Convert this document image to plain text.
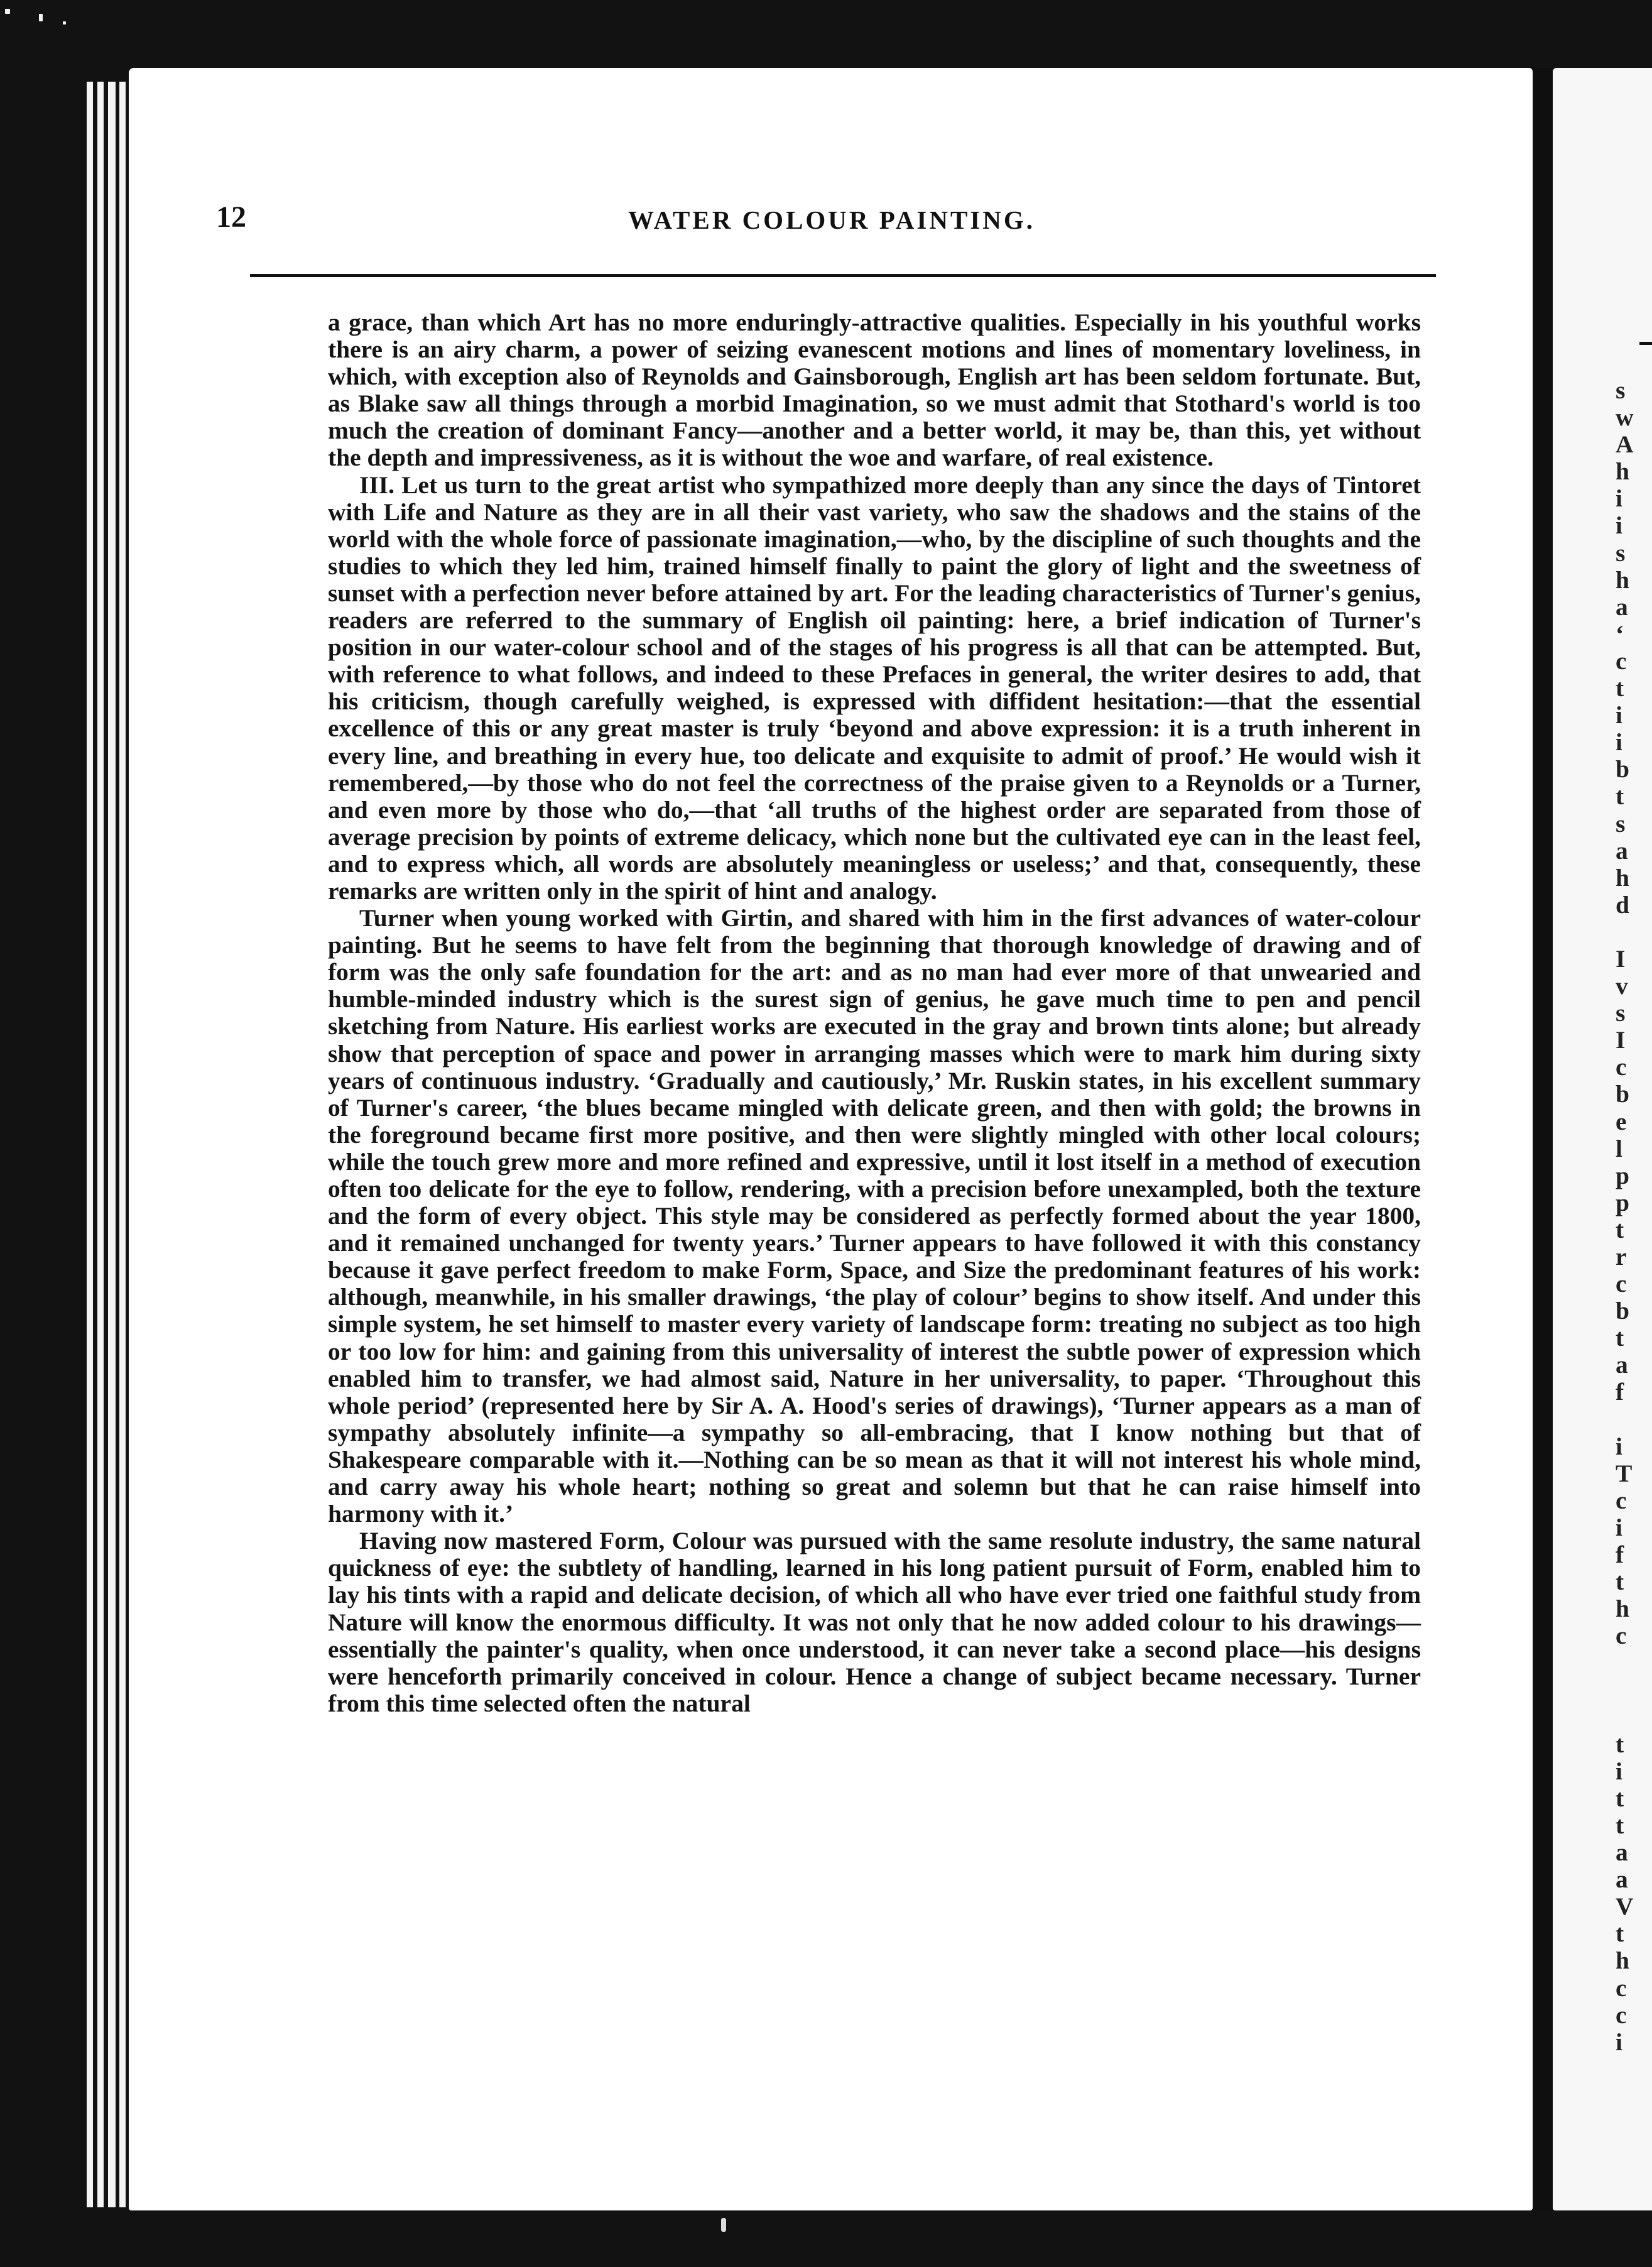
12	WATER COLOUR PAINTING.

a grace, than which Art has no more enduringly-attractive qualities. Especially in his youthful works there is an airy charm, a power of seizing evanescent motions and lines of momentary loveliness, in which, with exception also of Reynolds and Gainsborough, English art has been seldom fortunate. But, as Blake saw all things through a morbid Imagination, so we must admit that Stothard's world is too much the creation of dominant Fancy—another and a better world, it may be, than this, yet without the depth and impressiveness, as it is without the woe and warfare, of real existence.

III. Let us turn to the great artist who sympathized more deeply than any since the days of Tintoret with Life and Nature as they are in all their vast variety, who saw the shadows and the stains of the world with the whole force of passionate imagination,—who, by the discipline of such thoughts and the studies to which they led him, trained himself finally to paint the glory of light and the sweetness of sunset with a perfection never before attained by art. For the leading characteristics of Turner's genius, readers are referred to the summary of English oil painting: here, a brief indication of Turner's position in our water-colour school and of the stages of his progress is all that can be attempted. But, with reference to what follows, and indeed to these Prefaces in general, the writer desires to add, that his criticism, though carefully weighed, is expressed with diffident hesitation:—that the essential excellence of this or any great master is truly ‘beyond and above expression: it is a truth inherent in every line, and breathing in every hue, too delicate and exquisite to admit of proof.’ He would wish it remembered,—by those who do not feel the correctness of the praise given to a Reynolds or a Turner, and even more by those who do,—that ‘all truths of the highest order are separated from those of average precision by points of extreme delicacy, which none but the cultivated eye can in the least feel, and to express which, all words are absolutely meaningless or useless;’ and that, consequently, these remarks are written only in the spirit of hint and analogy.

Turner when young worked with Girtin, and shared with him in the first advances of water-colour painting. But he seems to have felt from the beginning that thorough knowledge of drawing and of form was the only safe foundation for the art: and as no man had ever more of that unwearied and humble-minded industry which is the surest sign of genius, he gave much time to pen and pencil sketching from Nature. His earliest works are executed in the gray and brown tints alone; but already show that perception of space and power in arranging masses which were to mark him during sixty years of continuous industry. ‘Gradually and cautiously,’ Mr. Ruskin states, in his excellent summary of Turner's career, ‘the blues became mingled with delicate green, and then with gold; the browns in the foreground became first more positive, and then were slightly mingled with other local colours; while the touch grew more and more refined and expressive, until it lost itself in a method of execution often too delicate for the eye to follow, rendering, with a precision before unexampled, both the texture and the form of every object. This style may be considered as perfectly formed about the year 1800, and it remained unchanged for twenty years.’ Turner appears to have followed it with this constancy because it gave perfect freedom to make Form, Space, and Size the predominant features of his work: although, meanwhile, in his smaller drawings, ‘the play of colour’ begins to show itself. And under this simple system, he set himself to master every variety of landscape form: treating no subject as too high or too low for him: and gaining from this universality of interest the subtle power of expression which enabled him to transfer, we had almost said, Nature in her universality, to paper. ‘Throughout this whole period’ (represented here by Sir A. A. Hood's series of drawings), ‘Turner appears as a man of sympathy absolutely infinite—a sympathy so all-embracing, that I know nothing but that of Shakespeare comparable with it.—Nothing can be so mean as that it will not interest his whole mind, and carry away his whole heart; nothing so great and solemn but that he can raise himself into harmony with it.’

Having now mastered Form, Colour was pursued with the same resolute industry, the same natural quickness of eye: the subtlety of handling, learned in his long patient pursuit of Form, enabled him to lay his tints with a rapid and delicate decision, of which all who have ever tried one faithful study from Nature will know the enormous difficulty. It was not only that he now added colour to his drawings—essentially the painter's quality, when once understood, it can never take a second place—his designs were henceforth primarily conceived in colour. Hence a change of subject became necessary. Turner from this time selected often the natural

s
w
A
h
i
i
s
h
a
‘
c
t
i
i
b
t
s
a
h
d
I
v
s
I
c
b
e
l
p
p
t
r
c
b
t
a
f
i
T
c
i
f
t
h
c
t
i
t
t
a
a
V
t
h
c
c
i
